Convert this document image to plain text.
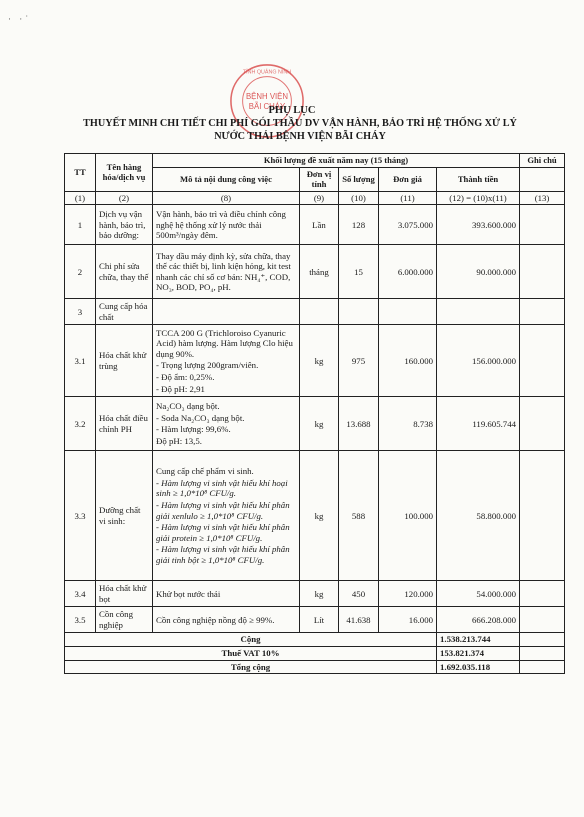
· ·˙
TỈNH QUẢNG NINH
BỆNH VIỆN
BÃI CHÁY
PHỤ LỤC
THUYẾT MINH CHI TIẾT CHI PHÍ GÓI THẦU DV VẬN HÀNH, BẢO TRÌ HỆ THỐNG XỬ LÝ
NƯỚC THẢI BỆNH VIỆN BÃI CHÁY
TT	Tên hàng hóa/dịch vụ	Khối lượng đề xuất năm nay (15 tháng)					Ghi chú
		Mô tả nội dung công việc	Đơn vị tính	Số lượng	Đơn giá	Thành tiền	
(1)	(2)	(8)	(9)	(10)	(11)	(12) = (10)x(11)	(13)
1	Dịch vụ vận hành, bảo trì, bảo dưỡng:	Vận hành, bảo trì và điều chỉnh công nghệ hệ thống xử lý nước thải 500m³/ngày đêm.	Lần	128	3.075.000	393.600.000	
2	Chi phí sửa chữa, thay thế	Thay dầu máy định kỳ, sửa chữa, thay thế các thiết bị, linh kiện hỏng, kit test nhanh các chỉ số cơ bản: NH₄⁺, COD, NO₃, BOD, PO₄, pH.	tháng	15	6.000.000	90.000.000	
3	Cung cấp hóa chất						
3.1	Hóa chất khử trùng	TCCA 200 G (Trichloroiso Cyanuric Acid) hàm lượng. Hàm lượng Clo hiệu dụng 90%.
- Trọng lượng 200gram/viên.
- Độ ẩm: 0,25%.
- Độ pH: 2,91	kg	975	160.000	156.000.000	
3.2	Hóa chất điều chỉnh PH	Na₂CO₃ dạng bột.
- Soda Na₂CO₃ dạng bột.
- Hàm lượng: 99,6%.
Độ pH: 13,5.	kg	13.688	8.738	119.605.744	
3.3	Dưỡng chất vi sinh:	Cung cấp chế phẩm vi sinh.
- Hàm lượng vi sinh vật hiếu khí hoại sinh ≥ 1,0*10⁸ CFU/g.
- Hàm lượng vi sinh vật hiếu khí phân giải xenlulo ≥ 1,0*10⁸ CFU/g.
- Hàm lượng vi sinh vật hiếu khí phân giải protein ≥ 1,0*10⁸ CFU/g.
- Hàm lượng vi sinh vật hiếu khí phân giải tinh bột ≥ 1,0*10⁸ CFU/g.	kg	588	100.000	58.800.000	
3.4	Hóa chất khử bọt	Khử bọt nước thải	kg	450	120.000	54.000.000	
3.5	Cồn công nghiệp	Cồn công nghiệp nồng độ ≥ 99%.	Lít	41.638	16.000	666.208.000	
Cộng						1.538.213.744	
Thuế VAT 10%						153.821.374	
Tổng cộng						1.692.035.118	
